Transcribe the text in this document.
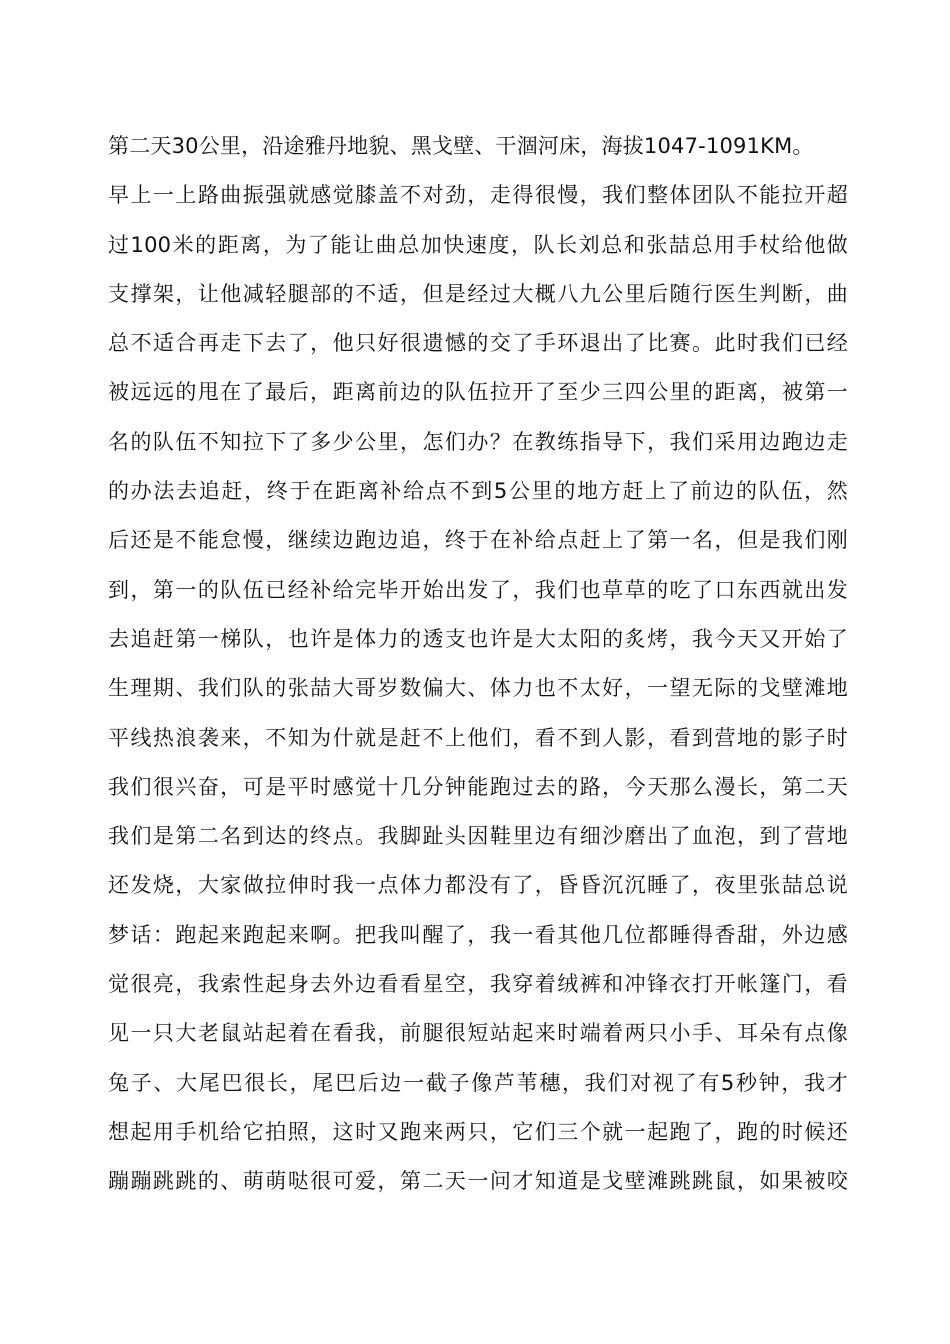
第二天30公里，沿途雅丹地貌、黑戈壁、干涸河床，海拔1047-1091KM。
早上一上路曲振强就感觉膝盖不对劲，走得很慢，我们整体团队不能拉开超
过100米的距离，为了能让曲总加快速度，队长刘总和张喆总用手杖给他做
支撑架，让他减轻腿部的不适，但是经过大概八九公里后随行医生判断，曲
总不适合再走下去了，他只好很遗憾的交了手环退出了比赛。此时我们已经
被远远的甩在了最后，距离前边的队伍拉开了至少三四公里的距离，被第一
名的队伍不知拉下了多少公里，怎们办？在教练指导下，我们采用边跑边走
的办法去追赶，终于在距离补给点不到5公里的地方赶上了前边的队伍，然
后还是不能怠慢，继续边跑边追，终于在补给点赶上了第一名，但是我们刚
到，第一的队伍已经补给完毕开始出发了，我们也草草的吃了口东西就出发
去追赶第一梯队，也许是体力的透支也许是大太阳的炙烤，我今天又开始了
生理期、我们队的张喆大哥岁数偏大、体力也不太好，一望无际的戈壁滩地
平线热浪袭来，不知为什就是赶不上他们，看不到人影，看到营地的影子时
我们很兴奋，可是平时感觉十几分钟能跑过去的路，今天那么漫长，第二天
我们是第二名到达的终点。我脚趾头因鞋里边有细沙磨出了血泡，到了营地
还发烧，大家做拉伸时我一点体力都没有了，昏昏沉沉睡了，夜里张喆总说
梦话：跑起来跑起来啊。把我叫醒了，我一看其他几位都睡得香甜，外边感
觉很亮，我索性起身去外边看看星空，我穿着绒裤和冲锋衣打开帐篷门，看
见一只大老鼠站起着在看我，前腿很短站起来时端着两只小手、耳朵有点像
兔子、大尾巴很长，尾巴后边一截子像芦苇穗，我们对视了有5秒钟，我才
想起用手机给它拍照，这时又跑来两只，它们三个就一起跑了，跑的时候还
蹦蹦跳跳的、萌萌哒很可爱，第二天一问才知道是戈壁滩跳跳鼠，如果被咬
